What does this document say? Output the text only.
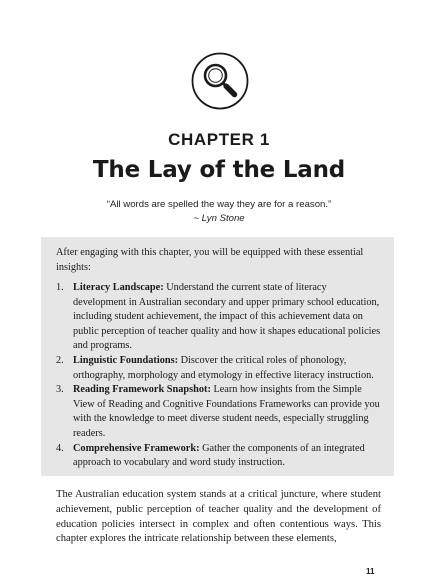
CHAPTER 1
The Lay of the Land
“All words are spelled the way they are for a reason.”
~ Lyn Stone
After engaging with this chapter, you will be equipped with these essential insights:
1. Literacy Landscape: Understand the current state of literacy development in Australian secondary and upper primary school education, including student achievement, the impact of this achievement data on public perception of teacher quality and how it shapes educational policies and programs.
2. Linguistic Foundations: Discover the critical roles of phonology, orthography, morphology and etymology in effective literacy instruction.
3. Reading Framework Snapshot: Learn how insights from the Simple View of Reading and Cognitive Foundations Frameworks can provide you with the knowledge to meet diverse student needs, especially struggling readers.
4. Comprehensive Framework: Gather the components of an integrated approach to vocabulary and word study instruction.
The Australian education system stands at a critical juncture, where student achievement, public perception of teacher quality and the development of education policies intersect in complex and often contentious ways. This chapter explores the intricate relationship between these elements,
11
